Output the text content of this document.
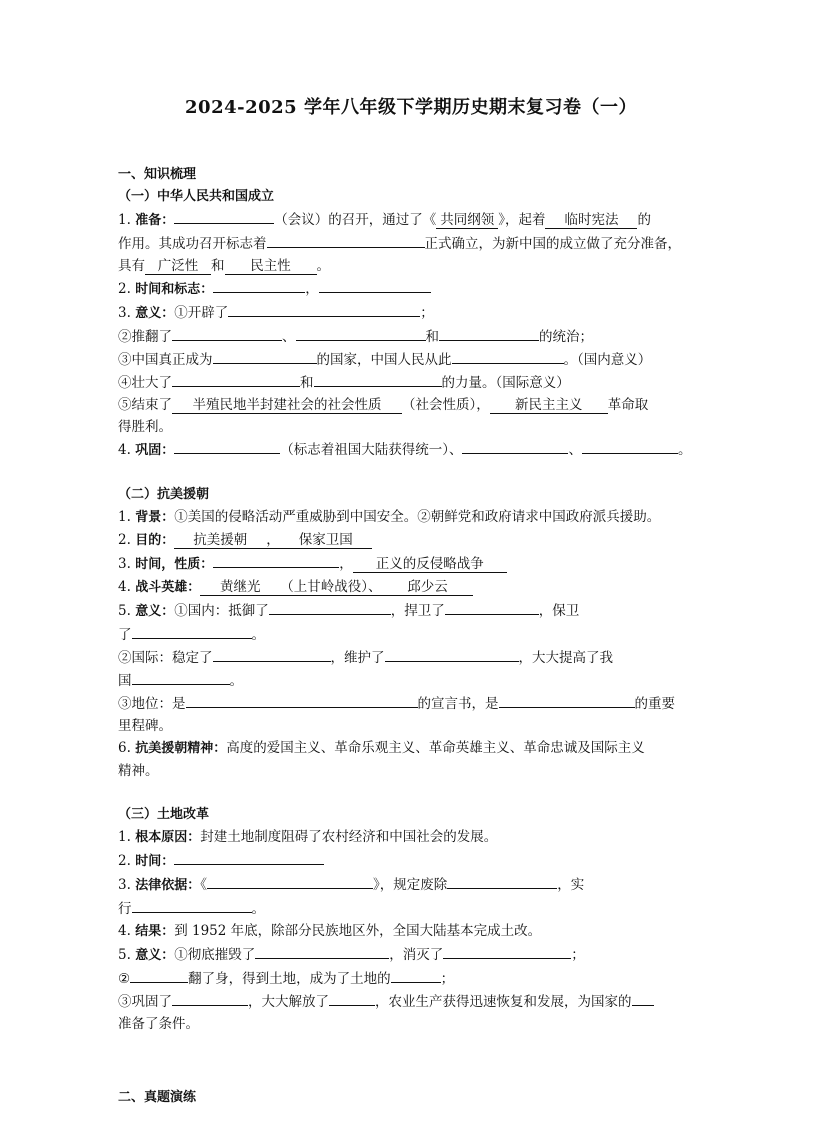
2024-2025 学年八年级下学期历史期末复习卷（一）
一、知识梳理
（一）中华人民共和国成立
1. 准备：	（会议）的召开，通过了《 共同纲领 》，起着 临时宪法 的
作用。其成功召开标志着	正式确立，为新中国的成立做了充分准备，
具有 广泛性 和 民主性 。
2. 时间和标志：	，
3. 意义：①开辟了	；
②推翻了	、	和	的统治；
③中国真正成为	的国家，中国人民从此	。（国内意义）
④壮大了	和	的力量。（国际意义）
⑤结束了 半殖民地半封建社会的社会性质 （社会性质）， 新民主主义 革命取
得胜利。
4. 巩固：	（标志着祖国大陆获得统一）、	、	。
（二）抗美援朝
1. 背景：①美国的侵略活动严重威胁到中国安全。②朝鲜党和政府请求中国政府派兵援助。
2. 目的： 抗美援朝 ， 保家卫国
3. 时间，性质：	， 正义的反侵略战争
4. 战斗英雄： 黄继光 （上甘岭战役）、 邱少云
5. 意义：①国内：抵御了	，捍卫了	，保卫
了	。
②国际：稳定了	，维护了	，大大提高了我
国	。
③地位：是	的宣言书，是	的重要
里程碑。
6. 抗美援朝精神：高度的爱国主义、革命乐观主义、革命英雄主义、革命忠诚及国际主义
精神。
（三）土地改革
1. 根本原因：封建土地制度阻碍了农村经济和中国社会的发展。
2. 时间：
3. 法律依据：《	》，规定废除	，实
行	。
4. 结果：到 1952 年底，除部分民族地区外，全国大陆基本完成土改。
5. 意义：①彻底摧毁了	，消灭了	；
②	翻了身，得到土地，成为了土地的	；
③巩固了	，大大解放了	，农业生产获得迅速恢复和发展，为国家的
准备了条件。
二、真题演练
